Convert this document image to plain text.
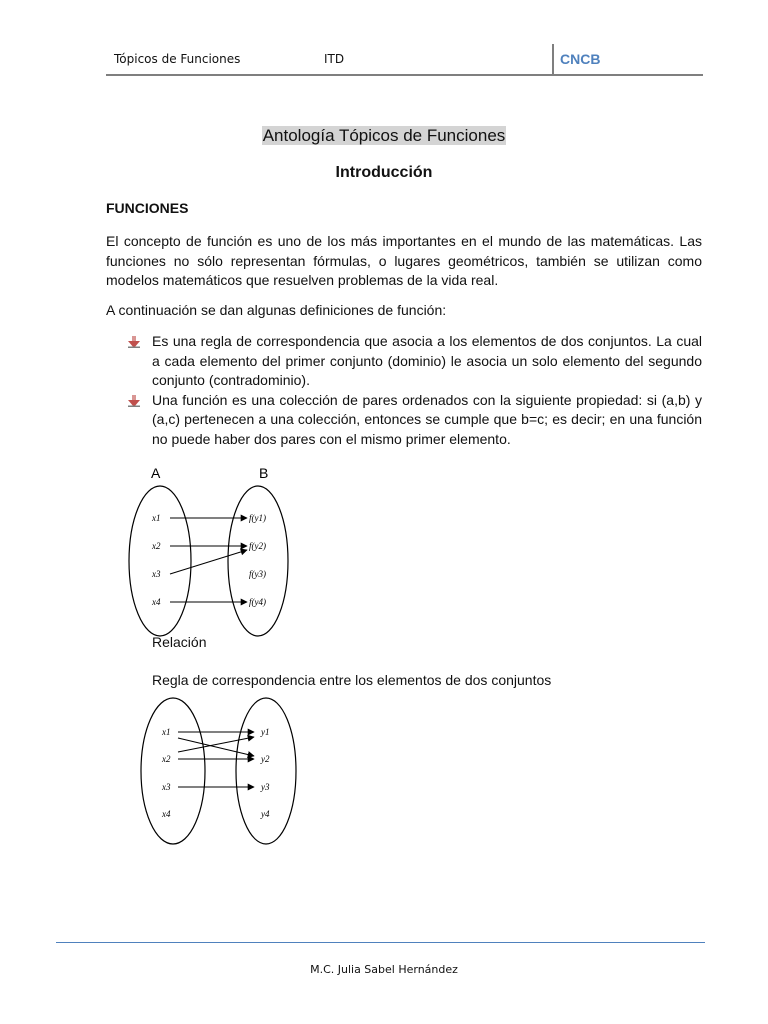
Tópicos de Funciones	ITD	CNCB
Antología Tópicos de Funciones
Introducción
FUNCIONES
El concepto de función es uno de los más importantes en el mundo de las matemáticas. Las funciones no sólo representan fórmulas, o lugares geométricos, también se utilizan como modelos matemáticos que resuelven problemas de la vida real.
A continuación se dan algunas definiciones de función:
Es una regla de correspondencia que asocia a los elementos de dos conjuntos. La cual a cada elemento del primer conjunto (dominio) le asocia un solo elemento del segundo conjunto (contradominio).
Una función es una colección de pares ordenados con la siguiente propiedad: si (a,b) y (a,c) pertenecen a una colección, entonces se cumple que b=c; es decir; en una función no puede haber dos pares con el mismo primer elemento.
A	B
x1
x2
x3
x4
f(y1)
f(y2)
f(y3)
f(y4)
x1
x2
x3
x4
y1
y2
y3
y4
Relación
Regla de correspondencia entre los elementos de dos conjuntos
M.C. Julia Sabel Hernández
